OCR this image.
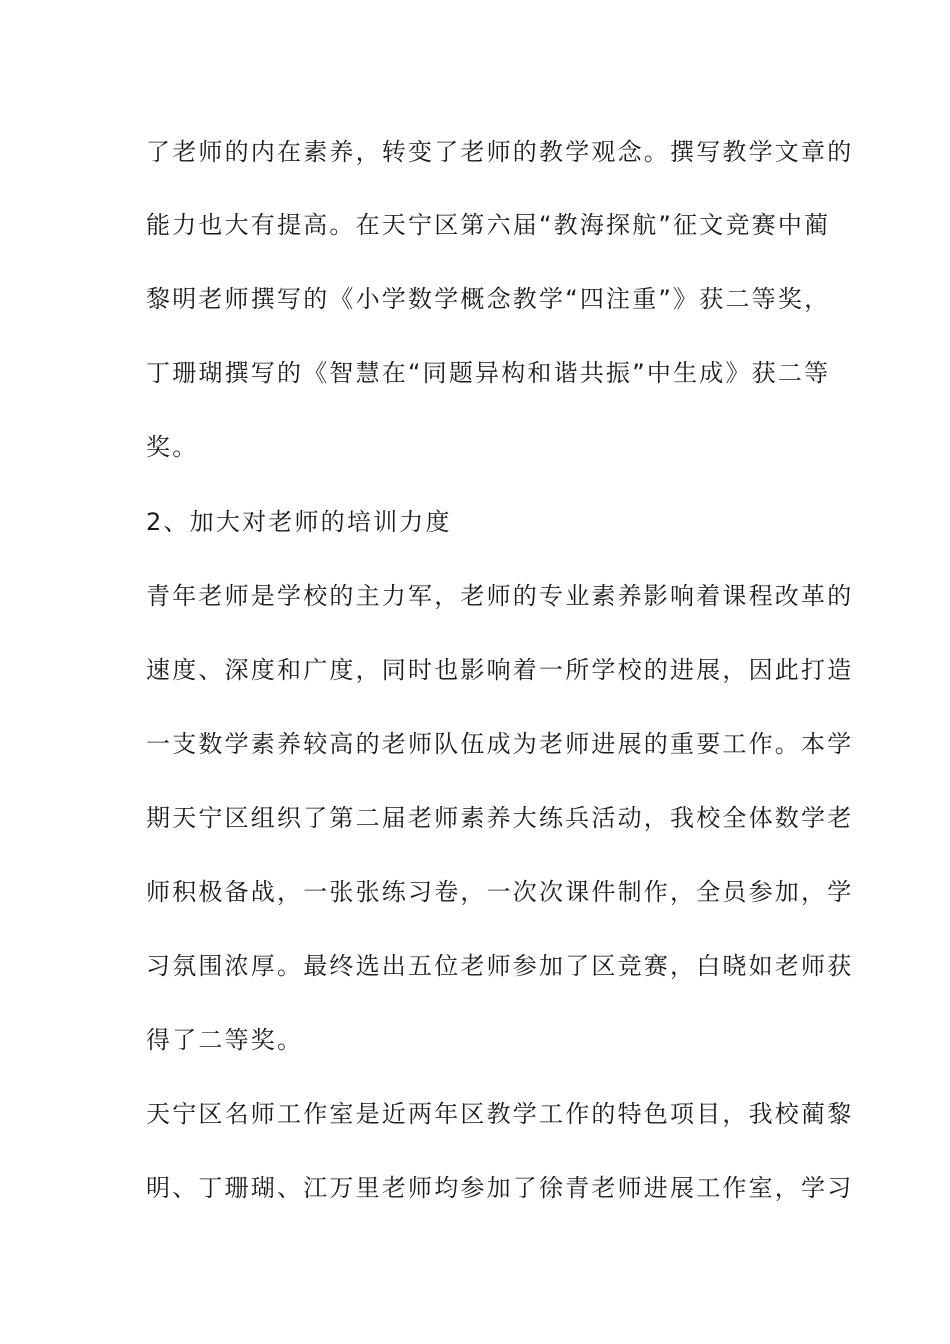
了老师的内在素养，转变了老师的教学观念。撰写教学文章的
能力也大有提高。在天宁区第六届“教海探航”征文竞赛中蔺
黎明老师撰写的《小学数学概念教学“四注重”》获二等奖，
丁珊瑚撰写的《智慧在“同题异构和谐共振”中生成》获二等
奖。
2、加大对老师的培训力度
青年老师是学校的主力军，老师的专业素养影响着课程改革的
速度、深度和广度，同时也影响着一所学校的进展，因此打造
一支数学素养较高的老师队伍成为老师进展的重要工作。本学
期天宁区组织了第二届老师素养大练兵活动，我校全体数学老
师积极备战，一张张练习卷，一次次课件制作，全员参加，学
习氛围浓厚。最终选出五位老师参加了区竞赛，白晓如老师获
得了二等奖。
天宁区名师工作室是近两年区教学工作的特色项目，我校蔺黎
明、丁珊瑚、江万里老师均参加了徐青老师进展工作室，学习
